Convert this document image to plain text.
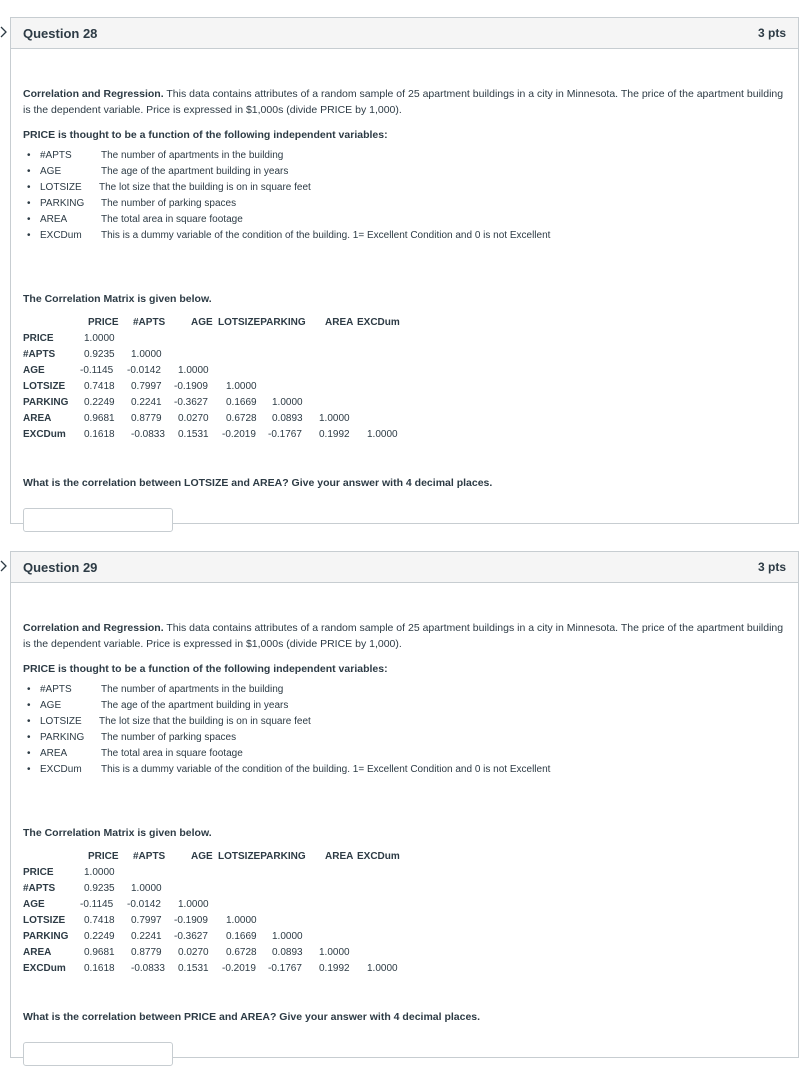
Question 28	3 pts
Correlation and Regression. This data contains attributes of a random sample of 25 apartment buildings in a city in Minnesota. The price of the apartment building is the dependent variable. Price is expressed in $1,000s (divide PRICE by 1,000).
PRICE is thought to be a function of the following independent variables:
• #APTS	The number of apartments in the building
• AGE	The age of the apartment building in years
• LOTSIZE The lot size that the building is on in square feet
• PARKING The number of parking spaces
• AREA	The total area in square footage
• EXCDum This is a dummy variable of the condition of the building. 1= Excellent Condition and 0 is not Excellent
The Correlation Matrix is given below.
PRICE #APTS	AGE LOTSIZEPARKING AREA EXCDum
PRICE	1.0000
#APTS	0.9235 1.0000
AGE	-0.1145 -0.0142 1.0000
LOTSIZE 0.7418 0.7997 -0.1909 1.0000
PARKING 0.2249 0.2241 -0.3627 0.1669 1.0000
AREA	0.9681 0.8779 0.0270 0.6728 0.0893 1.0000
EXCDum 0.1618 -0.0833 0.1531 -0.2019 -0.1767 0.1992 1.0000
What is the correlation between LOTSIZE and AREA? Give your answer with 4 decimal places.
Question 29	3 pts
Correlation and Regression. This data contains attributes of a random sample of 25 apartment buildings in a city in Minnesota. The price of the apartment building is the dependent variable. Price is expressed in $1,000s (divide PRICE by 1,000).
PRICE is thought to be a function of the following independent variables:
• #APTS	The number of apartments in the building
• AGE	The age of the apartment building in years
• LOTSIZE The lot size that the building is on in square feet
• PARKING The number of parking spaces
• AREA	The total area in square footage
• EXCDum This is a dummy variable of the condition of the building. 1= Excellent Condition and 0 is not Excellent
The Correlation Matrix is given below.
PRICE #APTS	AGE LOTSIZEPARKING AREA EXCDum
PRICE	1.0000
#APTS	0.9235 1.0000
AGE	-0.1145 -0.0142 1.0000
LOTSIZE 0.7418 0.7997 -0.1909 1.0000
PARKING 0.2249 0.2241 -0.3627 0.1669 1.0000
AREA	0.9681 0.8779 0.0270 0.6728 0.0893 1.0000
EXCDum 0.1618 -0.0833 0.1531 -0.2019 -0.1767 0.1992 1.0000
What is the correlation between PRICE and AREA? Give your answer with 4 decimal places.
